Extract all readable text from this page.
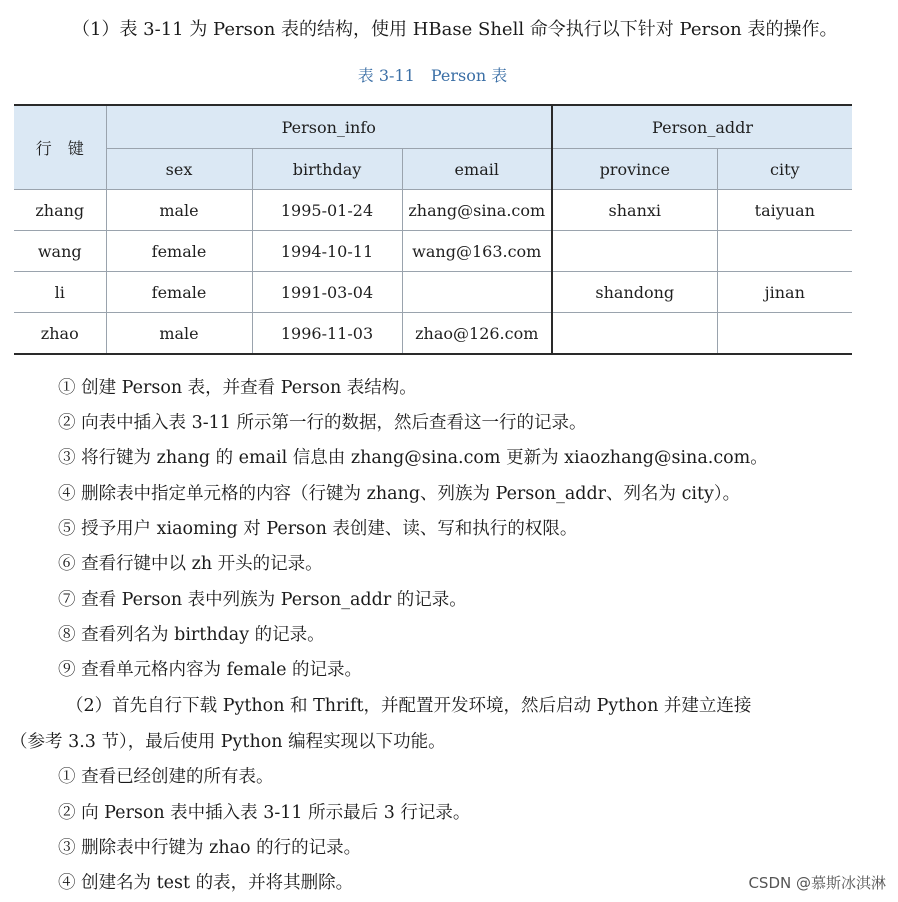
（1）表 3-11 为 Person 表的结构，使用 HBase Shell 命令执行以下针对 Person 表的操作。
表 3-11　Person 表
行　键	Person_info			Person_addr	
	sex	birthday	email	province	city
zhang	male	1995-01-24	zhang@sina.com	shanxi	taiyuan
wang	female	1994-10-11	wang@163.com		
li	female	1991-03-04		shandong	jinan
zhao	male	1996-11-03	zhao@126.com		
① 创建 Person 表，并查看 Person 表结构。
② 向表中插入表 3-11 所示第一行的数据，然后查看这一行的记录。
③ 将行键为 zhang 的 email 信息由 zhang@sina.com 更新为 xiaozhang@sina.com。
④ 删除表中指定单元格的内容（行键为 zhang、列族为 Person_addr、列名为 city）。
⑤ 授予用户 xiaoming 对 Person 表创建、读、写和执行的权限。
⑥ 查看行键中以 zh 开头的记录。
⑦ 查看 Person 表中列族为 Person_addr 的记录。
⑧ 查看列名为 birthday 的记录。
⑨ 查看单元格内容为 female 的记录。
（2）首先自行下载 Python 和 Thrift，并配置开发环境，然后启动 Python 并建立连接
（参考 3.3 节），最后使用 Python 编程实现以下功能。
① 查看已经创建的所有表。
② 向 Person 表中插入表 3-11 所示最后 3 行记录。
③ 删除表中行键为 zhao 的行的记录。
④ 创建名为 test 的表，并将其删除。	CSDN @慕斯冰淇淋
